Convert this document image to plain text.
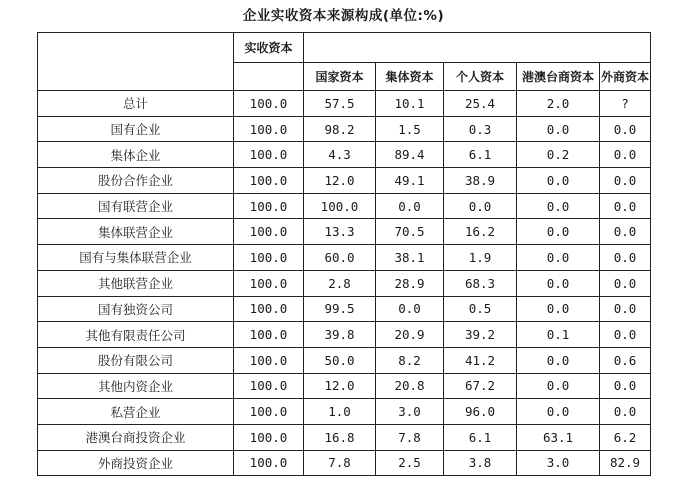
企业实收资本来源构成(单位:%)
	实收资本					
		国家资本	集体资本	个人资本	港澳台商资本	外商资本
总计	100.0	57.5	10.1	25.4	2.0	?
国有企业	100.0	98.2	1.5	0.3	0.0	0.0
集体企业	100.0	4.3	89.4	6.1	0.2	0.0
股份合作企业	100.0	12.0	49.1	38.9	0.0	0.0
国有联营企业	100.0	100.0	0.0	0.0	0.0	0.0
集体联营企业	100.0	13.3	70.5	16.2	0.0	0.0
国有与集体联营企业	100.0	60.0	38.1	1.9	0.0	0.0
其他联营企业	100.0	2.8	28.9	68.3	0.0	0.0
国有独资公司	100.0	99.5	0.0	0.5	0.0	0.0
其他有限责任公司	100.0	39.8	20.9	39.2	0.1	0.0
股份有限公司	100.0	50.0	8.2	41.2	0.0	0.6
其他内资企业	100.0	12.0	20.8	67.2	0.0	0.0
私营企业	100.0	1.0	3.0	96.0	0.0	0.0
港澳台商投资企业	100.0	16.8	7.8	6.1	63.1	6.2
外商投资企业	100.0	7.8	2.5	3.8	3.0	82.9
